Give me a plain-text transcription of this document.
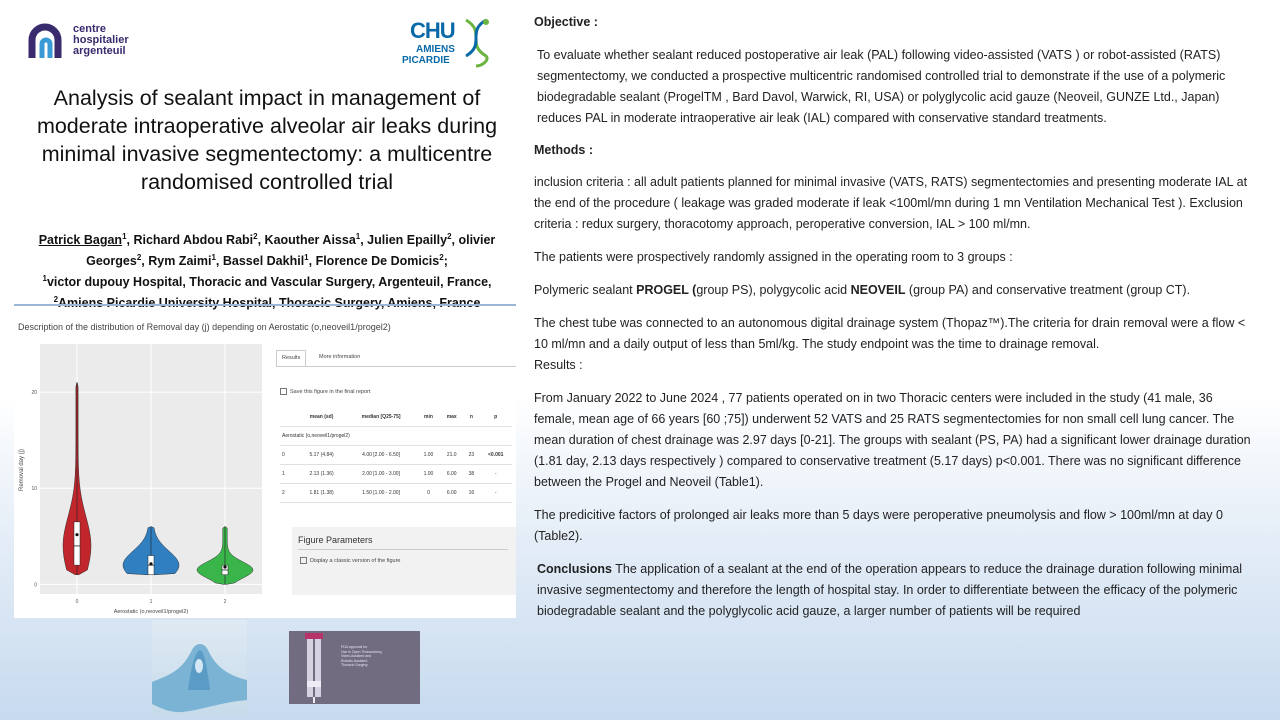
centre
hospitalier
argenteuil
CHU
AMIENS
PICARDIE
Analysis of sealant impact in management of moderate intraoperative alveolar air leaks during minimal invasive segmentectomy: a multicentre randomised controlled trial
Patrick Bagan$^1$, Richard Abdou Rabi$^2$, Kaouther Aissa$^1$, Julien Epailly$^2$, olivier
Georges$^2$, Rym Zaimi$^1$, Bassel Dakhil$^1$, Florence De Domicis$^2$;
$^1$victor dupouy Hospital, Thoracic and Vascular Surgery, Argenteuil, France,
$^2$
Description of the distribution of Removal day (j) depending on Aerostatic (o,neoveil1/progel2)
0
10
20
0	1	2
Removal day (j)
Aerostatic (o,neoveil1/progel2)
Results	More information
Save this figure in the final report
	mean (sd)	median [Q25-75]	min	max	n	p
Aerostatic (o,neoveil1/progel2)						
0	5.17 (4.84)	4.00 [2.00 - 6.50]	1.00	21.0	23	<0.001
1	2.13 (1.36)	2.00 [1.00 - 3.00]	1.00	6.00	38	-
2	1.81 (1.38)	1.50 [1.00 - 2.00]	0	6.00	16	-
Figure Parameters
Display a classic version of the figure
FDA approval for
Use in Open Thoracotomy,
Video-Assisted and
Robotic-Assisted
Thoracic Surgery

Objective :

To evaluate whether sealant reduced postoperative air leak (PAL) following video-assisted (VATS ) or robot-assisted (RATS) segmentectomy, we conducted a prospective multicentric randomised controlled trial to demonstrate if the use of a polymeric biodegradable sealant (ProgelTM , Bard Davol, Warwick, RI, USA) or polyglycolic acid gauze (Neoveil, GUNZE Ltd., Japan) reduces PAL in moderate intraoperative air leak (IAL) compared with conservative standard treatments.

Methods :

inclusion criteria : all adult patients planned for minimal invasive (VATS, RATS) segmentectomies and presenting moderate IAL at the end of the procedure ( leakage was graded moderate if leak <100ml/mn during 1 mn Ventilation Mechanical Test ). Exclusion criteria : redux surgery, thoracotomy approach, peroperative conversion, IAL > 100 ml/mn.

The patients were prospectively randomly assigned in the operating room to 3 groups :

Polymeric sealant PROGEL (group PS), polygycolic acid NEOVEIL (group PA) and conservative treatment (group CT).

The chest tube was connected to an autonomous digital drainage system (Thopaz™).The criteria for drain removal were a flow < 10 ml/mn and a daily output of less than 5ml/kg. The study endpoint was the time to drainage removal.

Results :

From January 2022 to June 2024 , 77 patients operated on in two Thoracic centers were included in the study (41 male, 36 female, mean age of 66 years [60 ;75]) underwent 52 VATS and 25 RATS segmentectomies for non small cell lung cancer. The mean duration of chest drainage was 2.97 days [0-21]. The groups with sealant (PS, PA) had a significant lower drainage duration (1.81 day, 2.13 days respectively ) compared to conservative treatment (5.17 days) p<0.001. There was no significant difference between the Progel and Neoveil (Table1).

The predicitive factors of prolonged air leaks more than 5 days were peroperative pneumolysis and flow > 100ml/mn at day 0 (Table2).

Conclusions The application of a sealant at the end of the operation appears to reduce the drainage duration following minimal invasive segmentectomy and therefore the length of hospital stay. In order to differentiate between the efficacy of the polymeric biodegradable sealant and the polyglycolic acid gauze, a larger number of patients will be required
